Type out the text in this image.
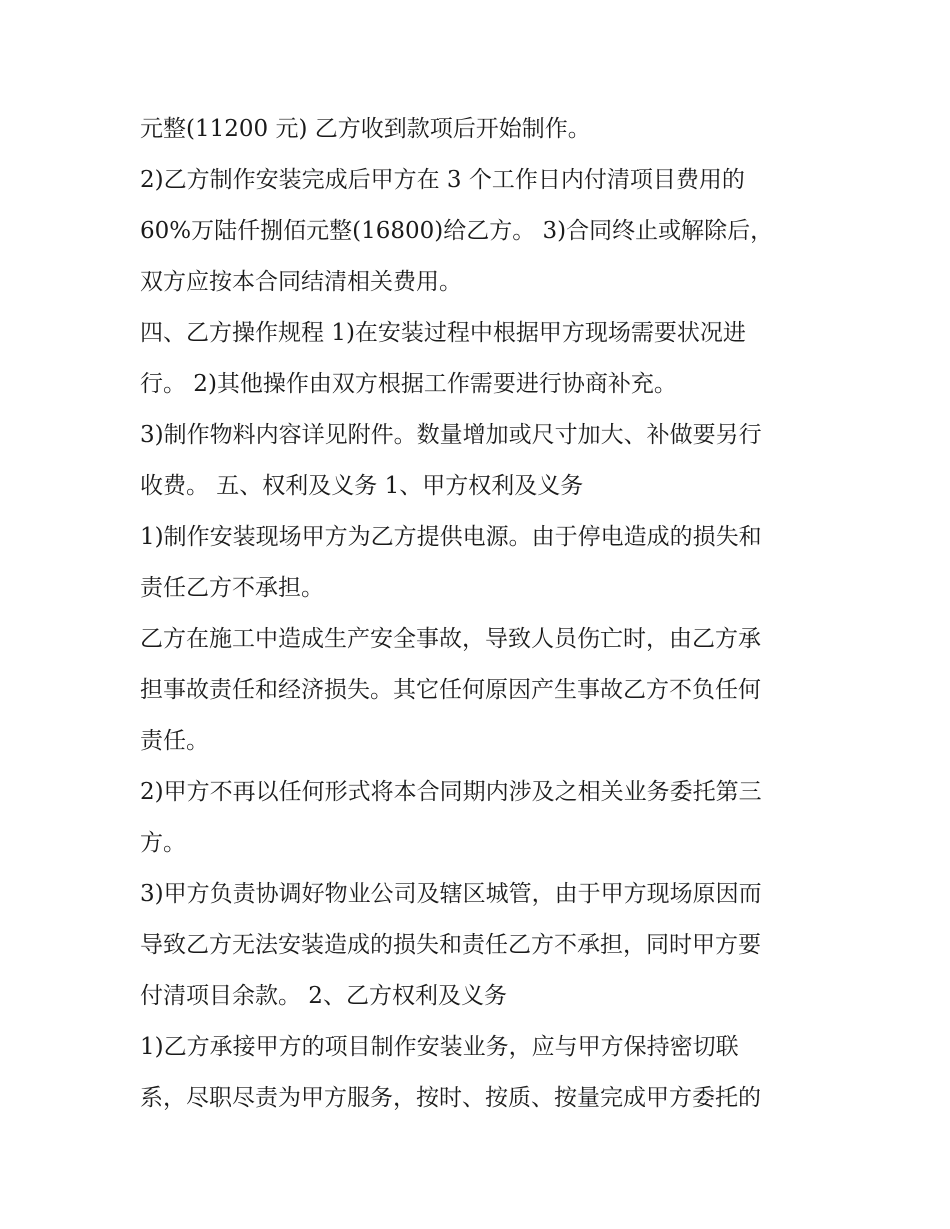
元整(11200 元) 乙方收到款项后开始制作。
2)乙方制作安装完成后甲方在 3 个工作日内付清项目费用的
60%万陆仟捌佰元整(16800)给乙方。 3)合同终止或解除后，
双方应按本合同结清相关费用。
四、乙方操作规程 1)在安装过程中根据甲方现场需要状况进
行。 2)其他操作由双方根据工作需要进行协商补充。
3)制作物料内容详见附件。数量增加或尺寸加大、补做要另行
收费。 五、权利及义务 1、甲方权利及义务
1)制作安装现场甲方为乙方提供电源。由于停电造成的损失和
责任乙方不承担。
乙方在施工中造成生产安全事故，导致人员伤亡时，由乙方承
担事故责任和经济损失。其它任何原因产生事故乙方不负任何
责任。
2)甲方不再以任何形式将本合同期内涉及之相关业务委托第三
方。
3)甲方负责协调好物业公司及辖区城管，由于甲方现场原因而
导致乙方无法安装造成的损失和责任乙方不承担，同时甲方要
付清项目余款。 2、乙方权利及义务
1)乙方承接甲方的项目制作安装业务，应与甲方保持密切联
系，尽职尽责为甲方服务，按时、按质、按量完成甲方委托的
